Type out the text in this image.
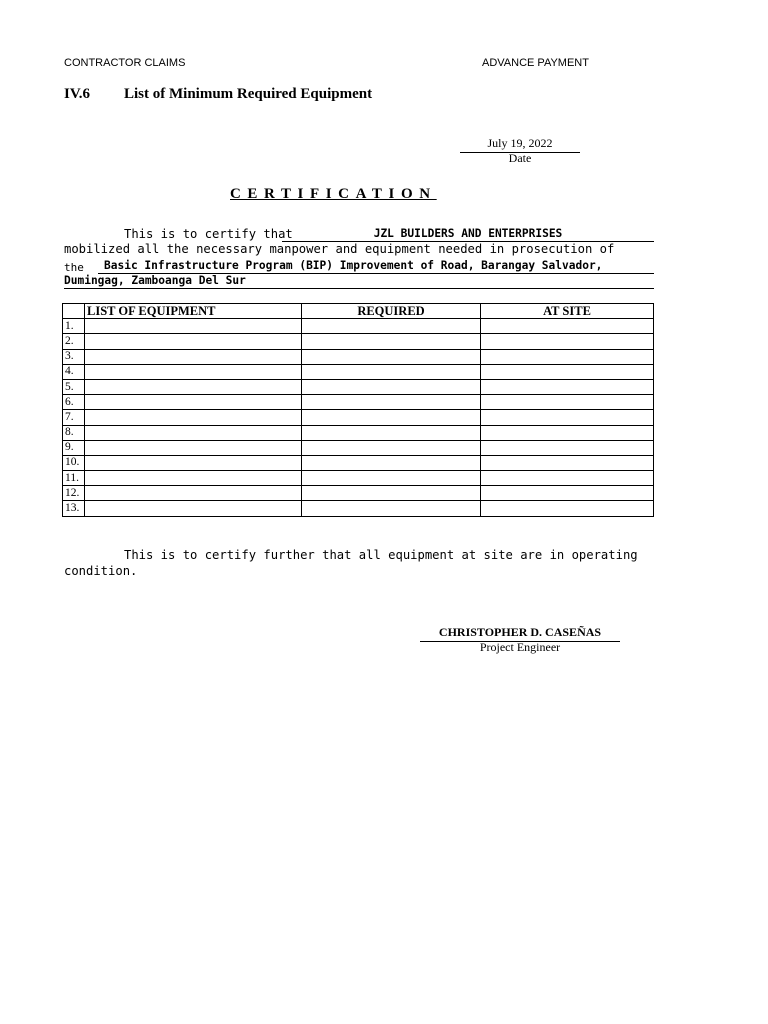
CONTRACTOR CLAIMS	ADVANCE PAYMENT
IV.6 List of Minimum Required Equipment
July 19, 2022
Date
CERTIFICATION
This is to certify that	JZL BUILDERS AND ENTERPRISES
mobilized all the necessary manpower and equipment needed in prosecution of
the	Basic Infrastructure Program (BIP) Improvement of Road, Barangay Salvador,
Dumingag, Zamboanga Del Sur
	LIST OF EQUIPMENT	REQUIRED	AT SITE
1.			
2.			
3.			
4.			
5.			
6.			
7.			
8.			
9.			
10.			
11.			
12.			
13.			
This is to certify further that all equipment at site are in operating
condition.
CHRISTOPHER D. CASEÑAS
Project Engineer
